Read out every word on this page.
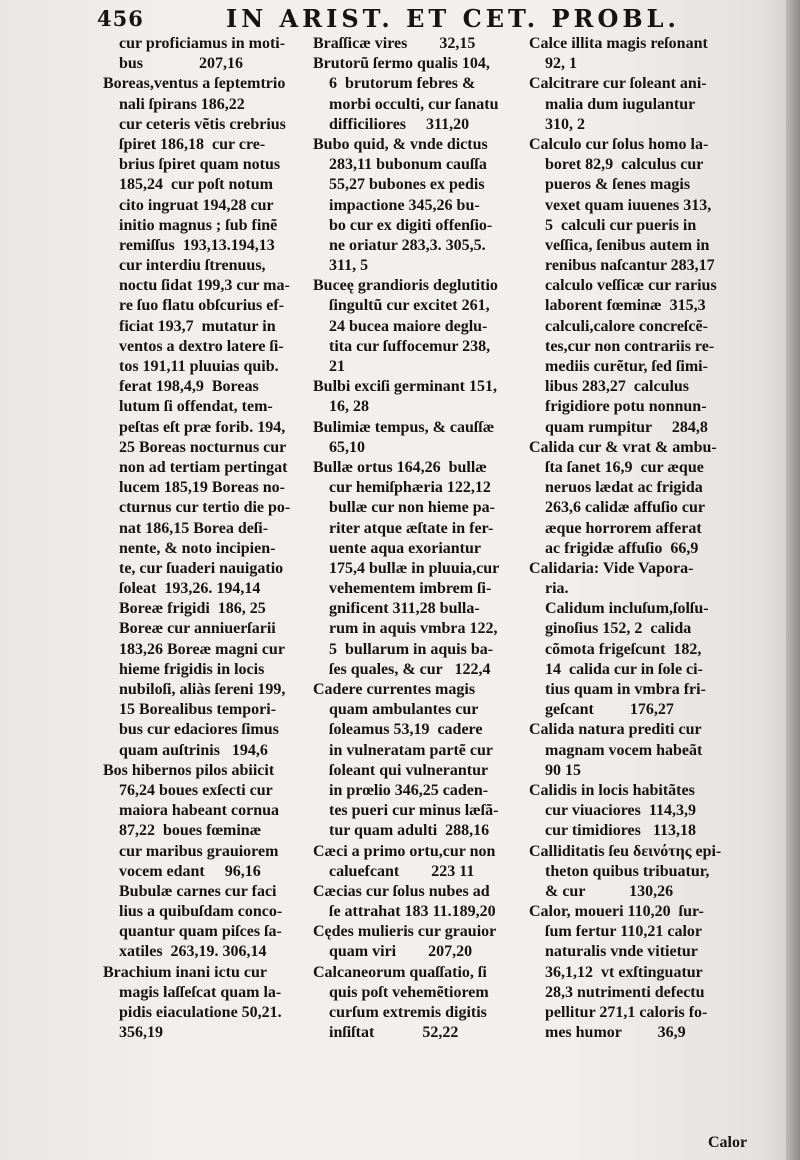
456	IN ARIST. ET CET. PROBL.
cur proficiamus in moti-
bus              207,16
Boreas,ventus a ſeptemtrio
nali ſpirans 186,22
cur ceteris vẽtis crebrius
ſpiret 186,18  cur cre-
brius ſpiret quam notus
185,24  cur poſt notum
cito ingruat 194,28 cur
initio magnus ; ſub finẽ
remiſſus  193,13.194,13
cur interdiu ſtrenuus,
noctu ſidat 199,3 cur ma-
re ſuo flatu obſcurius ef-
ficiat 193,7  mutatur in
ventos a dextro latere ſi-
tos 191,11 pluuias quib.
ferat 198,4,9  Boreas
lutum ſi offendat, tem-
peſtas eſt præ forib. 194,
25 Boreas nocturnus cur
non ad tertiam pertingat
lucem 185,19 Boreas no-
cturnus cur tertio die po-
nat 186,15 Borea deſi-
nente, & noto incipien-
te, cur ſuaderi nauigatio
ſoleat  193,26. 194,14
Boreæ frigidi  186, 25
Boreæ cur anniuerſarii
183,26 Boreæ magni cur
hieme frigidis in locis
nubiloſi, aliàs ſereni 199,
15 Borealibus tempori-
bus cur edaciores ſimus
quam auſtrinis   194,6
Bos hibernos pilos abiicit
76,24 boues exſecti cur
maiora habeant cornua
87,22  boues fœminæ
cur maribus grauiorem
vocem edant     96,16
Bubulæ carnes cur faci
lius a quibuſdam conco-
quantur quam piſces ſa-
xatiles  263,19. 306,14
Brachium inani ictu cur
magis laſſeſcat quam la-
pidis eiaculatione 50,21.
356,19
Braſſicæ vires        32,15
Brutorũ ſermo qualis 104,
6  brutorum febres &
morbi occulti, cur ſanatu
difficiliores     311,20
Bubo quid, & vnde dictus
283,11 bubonum cauſſa
55,27 bubones ex pedis
impactione 345,26 bu-
bo cur ex digiti offenſio-
ne oriatur 283,3. 305,5.
311, 5
Buceę grandioris deglutitio
ſingultũ cur excitet 261,
24 bucea maiore deglu-
tita cur ſuffocemur 238,
21
Bulbi exciſi germinant 151,
16, 28
Bulimiæ tempus, & cauſſæ
65,10
Bullæ ortus 164,26  bullæ
cur hemiſphæria 122,12
bullæ cur non hieme pa-
riter atque æſtate in fer-
uente aqua exoriantur
175,4 bullæ in pluuia,cur
vehementem imbrem ſi-
gnificent 311,28 bulla-
rum in aquis vmbra 122,
5  bullarum in aquis ba-
ſes quales, & cur   122,4
Cadere currentes magis
quam ambulantes cur
ſoleamus 53,19  cadere
in vulneratam partẽ cur
ſoleant qui vulnerantur
in prœlio 346,25 caden-
tes pueri cur minus læſã-
tur quam adulti  288,16
Cæci a primo ortu,cur non
caluefcant        223 11
Cæcias cur ſolus nubes ad
ſe attrahat 183 11.189,20
Cędes mulieris cur grauior
quam viri        207,20
Calcaneorum quaſſatio, ſi
quis poſt vehemẽtiorem
curſum extremis digitis
inſiſtat            52,22
Calce illita magis reſonant
92, 1
Calcitrare cur ſoleant ani-
malia dum iugulantur
310, 2
Calculo cur ſolus homo la-
boret 82,9  calculus cur
pueros & ſenes magis
vexet quam iuuenes 313,
5  calculi cur pueris in
veſſica, ſenibus autem in
renibus naſcantur 283,17
calculo veſſicæ cur rarius
laborent fœminæ  315,3
calculi,calore concreſcẽ-
tes,cur non contrariis re-
mediis curẽtur, ſed ſimi-
libus 283,27  calculus
frigidiore potu nonnun-
quam rumpitur     284,8
Calida cur & vrat & ambu-
ſta ſanet 16,9  cur æque
neruos lædat ac frigida
263,6 calidæ affuſio cur
æque horrorem afferat
ac frigidæ affuſio  66,9
Calidaria: Vide Vapora-
ria.
Calidum incluſum,ſolſu-
ginoſius 152, 2  calida
cõmota frigeſcunt  182,
14  calida cur in ſole ci-
tius quam in vmbra fri-
geſcant         176,27
Calida natura prediti cur
magnam vocem habeãt
90 15
Calidis in locis habitãtes
cur viuaciores  114,3,9
cur timidiores   113,18
Calliditatis ſeu δεινότης epi-
theton quibus tribuatur,
& cur           130,26
Calor, moueri 110,20  ſur-
ſum fertur 110,21 calor
naturalis vnde vitietur
36,1,12  vt exſtinguatur
28,3 nutrimenti defectu
pellitur 271,1 caloris fo-
mes humor         36,9
Calor
